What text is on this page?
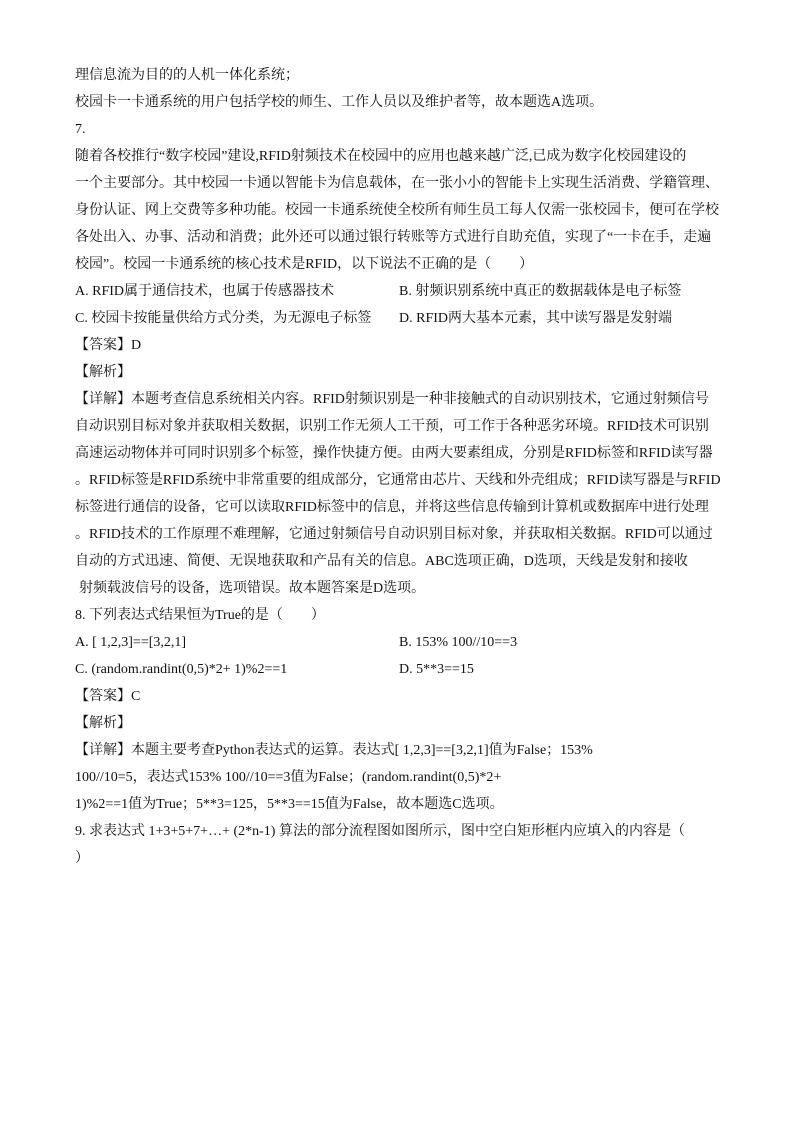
理信息流为目的的人机一体化系统；
校园卡一卡通系统的用户包括学校的师生、工作人员以及维护者等，故本题选A选项。
7.
随着各校推行“数字校园”建设,RFID射频技术在校园中的应用也越来越广泛,已成为数字化校园建设的
一个主要部分。其中校园一卡通以智能卡为信息载体，在一张小小的智能卡上实现生活消费、学籍管理、
身份认证、网上交费等多种功能。校园一卡通系统使全校所有师生员工每人仅需一张校园卡，便可在学校
各处出入、办事、活动和消费；此外还可以通过银行转账等方式进行自助充值，实现了“一卡在手，走遍
校园”。校园一卡通系统的核心技术是RFID，以下说法不正确的是（　　）
A. RFID属于通信技术，也属于传感器技术	B. 射频识别系统中真正的数据载体是电子标签
C. 校园卡按能量供给方式分类，为无源电子标签	D. RFID两大基本元素，其中读写器是发射端
【答案】D
【解析】
【详解】本题考查信息系统相关内容。RFID射频识别是一种非接触式的自动识别技术，它通过射频信号
自动识别目标对象并获取相关数据，识别工作无须人工干预，可工作于各种恶劣环境。RFID技术可识别
高速运动物体并可同时识别多个标签，操作快捷方便。由两大要素组成，分别是RFID标签和RFID读写器
。RFID标签是RFID系统中非常重要的组成部分，它通常由芯片、天线和外壳组成；RFID读写器是与RFID
标签进行通信的设备，它可以读取RFID标签中的信息，并将这些信息传输到计算机或数据库中进行处理
。RFID技术的工作原理不难理解，它通过射频信号自动识别目标对象，并获取相关数据。RFID可以通过
自动的方式迅速、简便、无误地获取和产品有关的信息。ABC选项正确，D选项，天线是发射和接收
射频载波信号的设备，选项错误。故本题答案是D选项。
8. 下列表达式结果恒为True的是（　　）
A. [ 1,2,3]==[3,2,1]	B. 153% 100//10==3
C. (random.randint(0,5)*2+ 1)%2==1	D. 5**3==15
【答案】C
【解析】
【详解】本题主要考查Python表达式的运算。表达式[ 1,2,3]==[3,2,1]值为False；153%
100//10=5，表达式153% 100//10==3值为False；(random.randint(0,5)*2+
1)%2==1值为True；5**3=125，5**3==15值为False，故本题选C选项。
9. 求表达式 1+3+5+7+…+ (2*n-1) 算法的部分流程图如图所示，图中空白矩形框内应填入的内容是（
）
